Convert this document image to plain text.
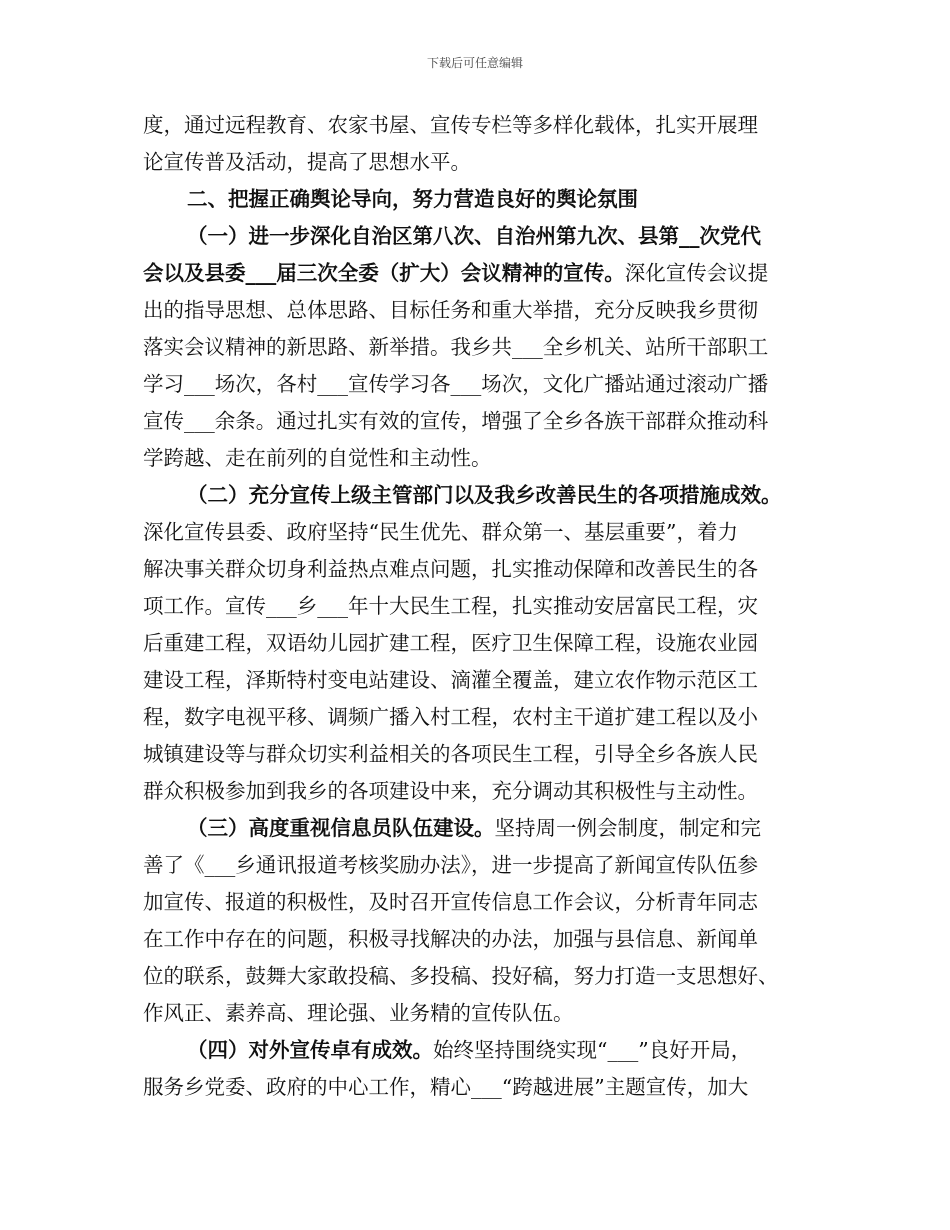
下载后可任意编辑
度，通过远程教育、农家书屋、宣传专栏等多样化载体，扎实开展理
论宣传普及活动，提高了思想水平。
二、把握正确舆论导向，努力营造良好的舆论氛围
（一）进一步深化自治区第八次、自治州第九次、县第__次党代
会以及县委___届三次全委（扩大）会议精神的宣传。深化宣传会议提
出的指导思想、总体思路、目标任务和重大举措，充分反映我乡贯彻
落实会议精神的新思路、新举措。我乡共___全乡机关、站所干部职工
学习___场次，各村___宣传学习各___场次，文化广播站通过滚动广播
宣传___余条。通过扎实有效的宣传，增强了全乡各族干部群众推动科
学跨越、走在前列的自觉性和主动性。
（二）充分宣传上级主管部门以及我乡改善民生的各项措施成效。
深化宣传县委、政府坚持“民生优先、群众第一、基层重要”，着力
解决事关群众切身利益热点难点问题，扎实推动保障和改善民生的各
项工作。宣传___乡___年十大民生工程，扎实推动安居富民工程，灾
后重建工程，双语幼儿园扩建工程，医疗卫生保障工程，设施农业园
建设工程，泽斯特村变电站建设、滴灌全覆盖，建立农作物示范区工
程，数字电视平移、调频广播入村工程，农村主干道扩建工程以及小
城镇建设等与群众切实利益相关的各项民生工程，引导全乡各族人民
群众积极参加到我乡的各项建设中来，充分调动其积极性与主动性。
（三）高度重视信息员队伍建设。坚持周一例会制度，制定和完
善了《___乡通讯报道考核奖励办法》，进一步提高了新闻宣传队伍参
加宣传、报道的积极性，及时召开宣传信息工作会议，分析青年同志
在工作中存在的问题，积极寻找解决的办法，加强与县信息、新闻单
位的联系，鼓舞大家敢投稿、多投稿、投好稿，努力打造一支思想好、
作风正、素养高、理论强、业务精的宣传队伍。
（四）对外宣传卓有成效。始终坚持围绕实现“___”良好开局，
服务乡党委、政府的中心工作，精心___“跨越进展”主题宣传，加大
